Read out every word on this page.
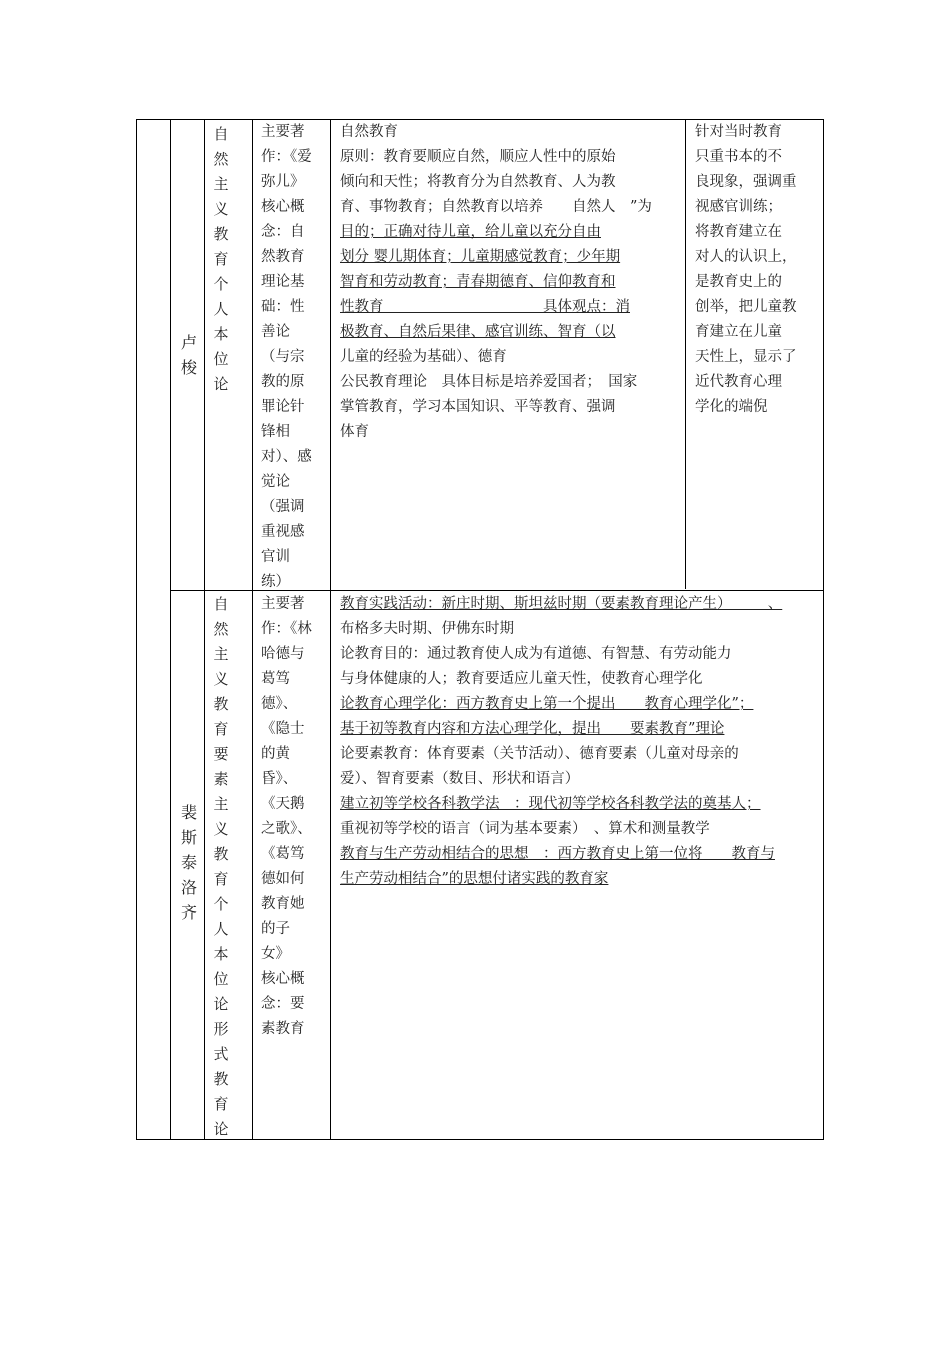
卢梭
自
然
主
义
教
育
个
人
本
位
论
主要著
作：《爱
弥儿》
核心概
念：自
然教育
理论基
础：性
善论
（与宗
教的原
罪论针
锋相
对）、感
觉论
（强调
重视感
官训
练）
自然教育
原则：教育要顺应自然，顺应人性中的原始
倾向和天性；将教育分为自然教育、人为教
育、事物教育；自然教育以培养　　自然人　”为
目的；正确对待儿童，给儿童以充分自由
划分 婴儿期体育；儿童期感觉教育；少年期
智育和劳动教育；青春期德育、信仰教育和
性教育　　　　　　　　　　　具体观点：消
极教育、自然后果律、感官训练、智育（以
儿童的经验为基础）、德育
公民教育理论　具体目标是培养爱国者；　国家
掌管教育，学习本国知识、平等教育、强调
体育
针对当时教育
只重书本的不
良现象，强调重
视感官训练；
将教育建立在
对人的认识上，
是教育史上的
创举，把儿童教
育建立在儿童
天性上，显示了
近代教育心理
学化的端倪
裴斯泰洛齐
自
然
主
义
教
育
要
素
主
义
教
育
个
人
本
位
论
形
式
教
育
论
主要著
作：《林
哈德与
葛笃
德》、
《隐士
的黄
昏》、
《天鹅
之歌》、
《葛笃
德如何
教育她
的子
女》
核心概
念：要
素教育
教育实践活动：新庄时期、斯坦兹时期（要素教育理论产生）　　　、
布格多夫时期、伊佛东时期
论教育目的：通过教育使人成为有道德、有智慧、有劳动能力
与身体健康的人；教育要适应儿童天性，使教育心理学化
论教育心理学化：西方教育史上第一个提出　　教育心理学化”；
基于初等教育内容和方法心理学化，提出　　要素教育”理论
论要素教育：体育要素（关节活动）、德育要素（儿童对母亲的
爱）、智育要素（数目、形状和语言）
建立初等学校各科教学法　：现代初等学校各科教学法的奠基人；
重视初等学校的语言（词为基本要素）　、算术和测量教学
教育与生产劳动相结合的思想　：西方教育史上第一位将　　教育与
生产劳动相结合”的思想付诸实践的教育家
